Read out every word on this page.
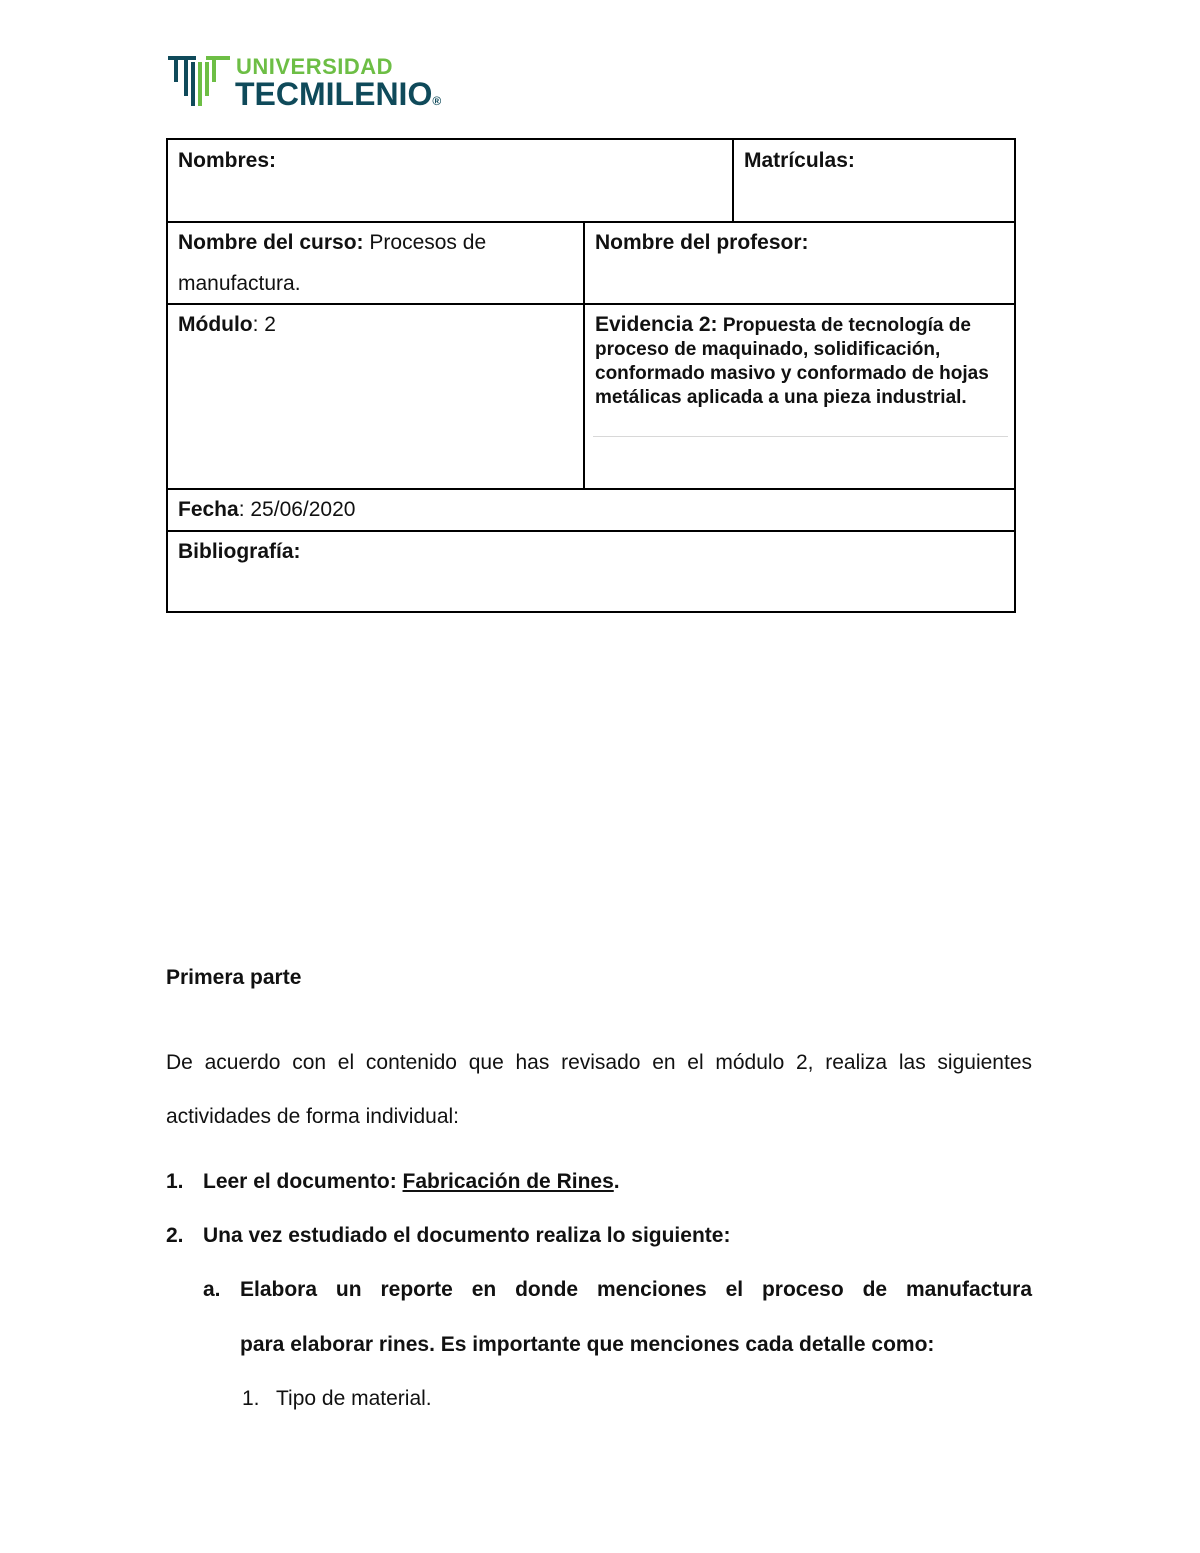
UNIVERSIDAD
TECMILENIO®
Nombres:	Matrículas:
Nombre del curso: Procesos de
manufactura.
Nombre del profesor:
Módulo: 2	Evidencia 2: Propuesta de tecnología de proceso de maquinado, solidificación, conformado masivo y conformado de hojas metálicas aplicada a una pieza industrial.
Fecha: 25/06/2020
Bibliografía:
Primera parte
De acuerdo con el contenido que has revisado en el módulo 2, realiza las siguientes actividades de forma individual:
1. Leer el documento: Fabricación de Rines.
2. Una vez estudiado el documento realiza lo siguiente:
a. Elabora un reporte en donde menciones el proceso de manufactura
para elaborar rines. Es importante que menciones cada detalle como:
1. Tipo de material.
